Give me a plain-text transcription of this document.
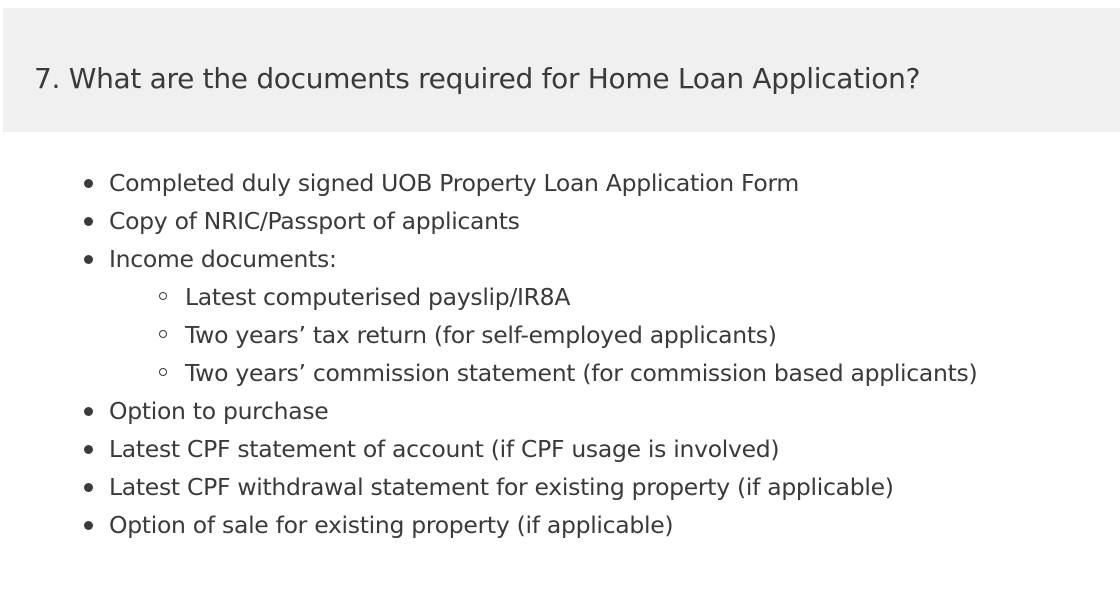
7. What are the documents required for Home Loan Application?
Completed duly signed UOB Property Loan Application Form
Copy of NRIC/Passport of applicants
Income documents:
Latest computerised payslip/IR8A
Two years’ tax return (for self-employed applicants)
Two years’ commission statement (for commission based applicants)
Option to purchase
Latest CPF statement of account (if CPF usage is involved)
Latest CPF withdrawal statement for existing property (if applicable)
Option of sale for existing property (if applicable)
